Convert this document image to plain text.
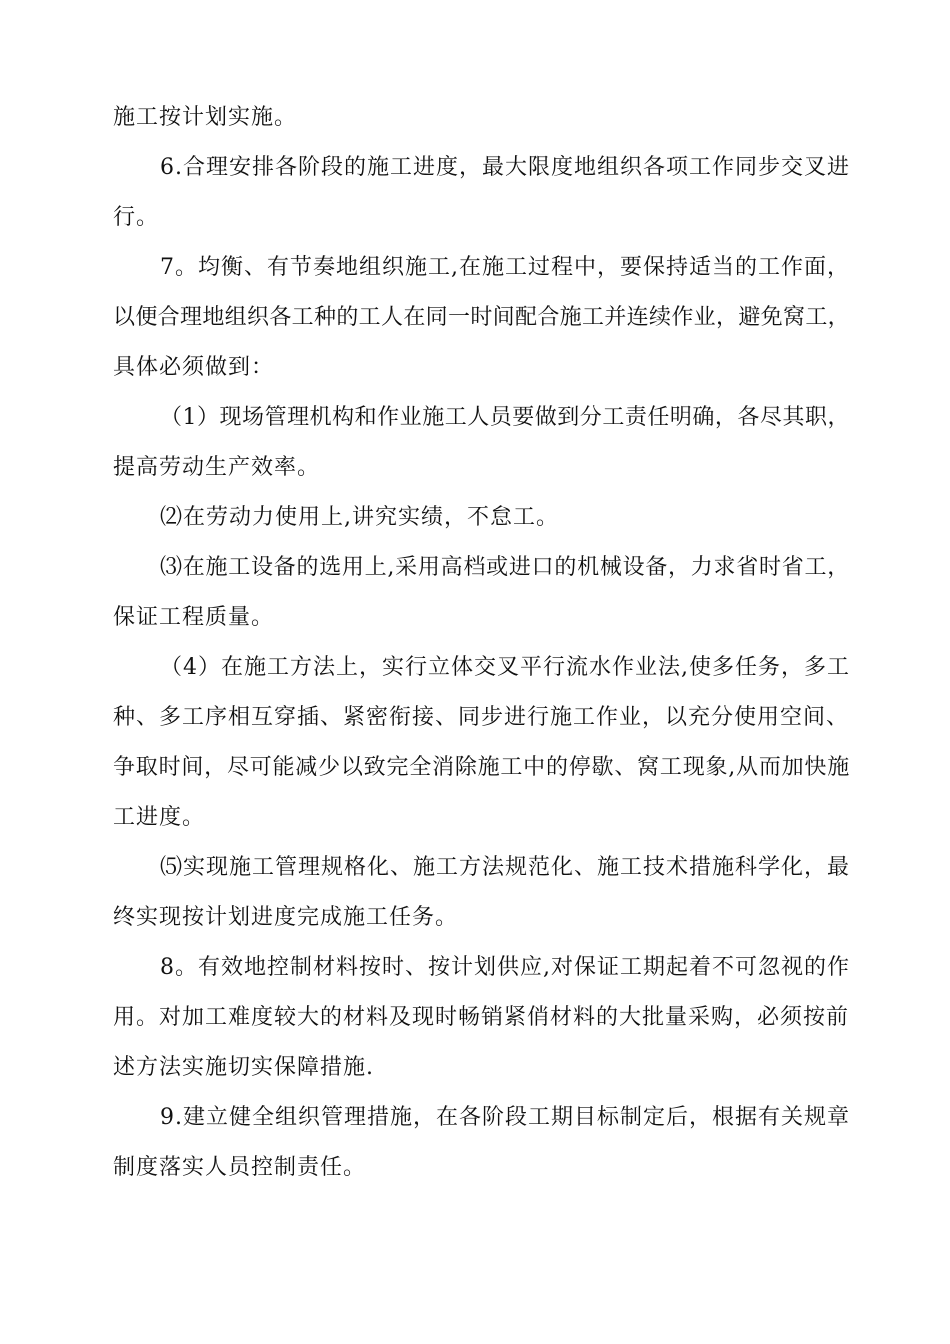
施工按计划实施。
6.合理安排各阶段的施工进度，最大限度地组织各项工作同步交叉进
行。
7。均衡、有节奏地组织施工,在施工过程中，要保持适当的工作面，
以便合理地组织各工种的工人在同一时间配合施工并连续作业，避免窝工，
具体必须做到：
（1）现场管理机构和作业施工人员要做到分工责任明确，各尽其职，
提高劳动生产效率。
⑵在劳动力使用上,讲究实绩，不怠工。
⑶在施工设备的选用上,采用高档或进口的机械设备，力求省时省工，
保证工程质量。
（4）在施工方法上，实行立体交叉平行流水作业法,使多任务，多工
种、多工序相互穿插、紧密衔接、同步进行施工作业，以充分使用空间、
争取时间，尽可能减少以致完全消除施工中的停歇、窝工现象,从而加快施
工进度。
⑸实现施工管理规格化、施工方法规范化、施工技术措施科学化，最
终实现按计划进度完成施工任务。
8。有效地控制材料按时、按计划供应,对保证工期起着不可忽视的作
用。对加工难度较大的材料及现时畅销紧俏材料的大批量采购，必须按前
述方法实施切实保障措施.
9.建立健全组织管理措施，在各阶段工期目标制定后，根据有关规章
制度落实人员控制责任。
